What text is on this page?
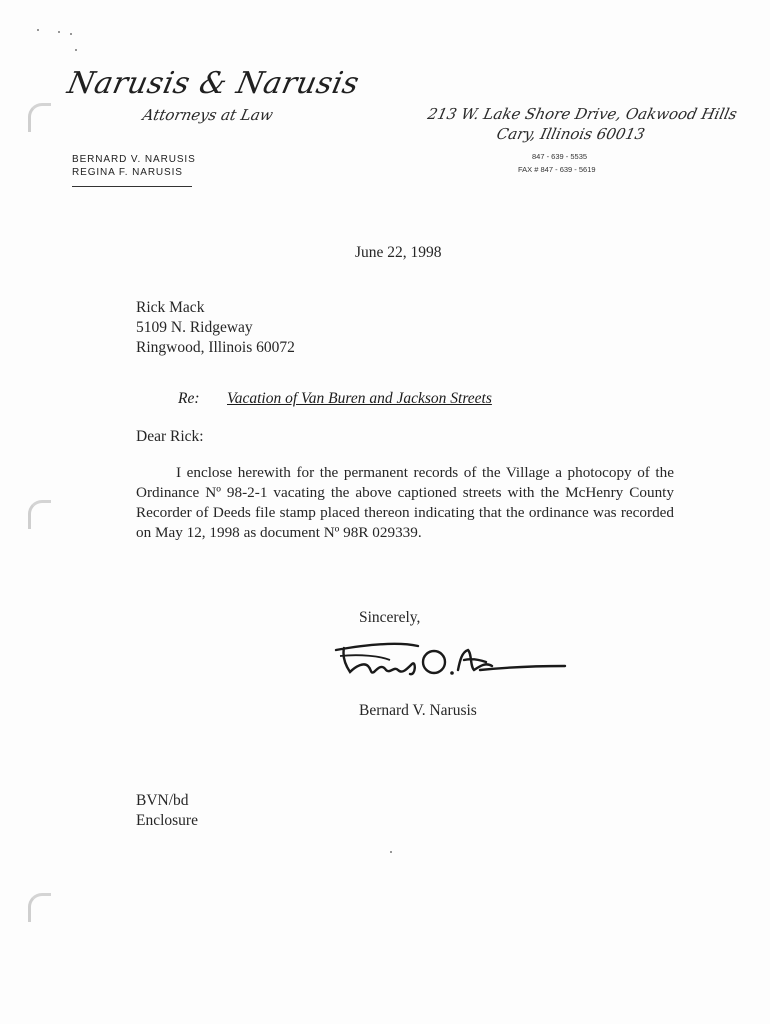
Narusis & Narusis
Attorneys at Law	213 W. Lake Shore Drive, Oakwood Hills
Cary, Illinois 60013
847 - 639 - 5535
FAX # 847 - 639 - 5619
BERNARD V. NARUSIS
REGINA F. NARUSIS
June 22, 1998
Rick Mack
5109 N. Ridgeway
Ringwood, Illinois 60072
Re: Vacation of Van Buren and Jackson Streets
Dear Rick:

I enclose herewith for the permanent records of the Village a photocopy of the Ordinance Nº 98-2-1 vacating the above captioned streets with the McHenry County Recorder of Deeds file stamp placed thereon indicating that the ordinance was recorded on May 12, 1998 as document Nº 98R 029339.

Sincerely,
Bernard V. Narusis
BVN/bd
Enclosure
